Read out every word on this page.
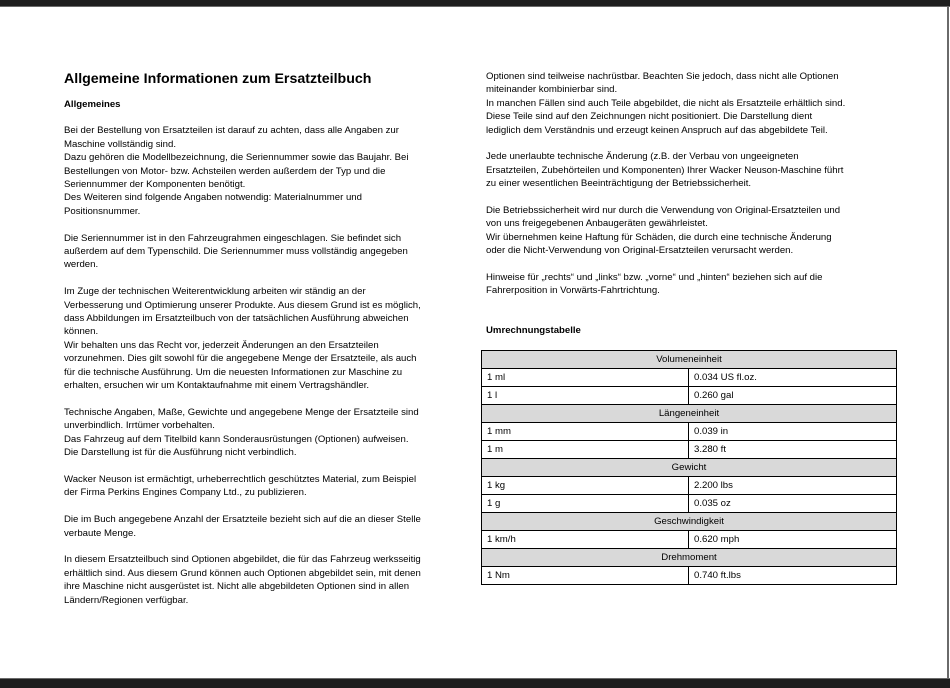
Allgemeine Informationen zum Ersatzteilbuch
Allgemeines

Bei der Bestellung von Ersatzteilen ist darauf zu achten, dass alle Angaben zur
Maschine vollständig sind.
Dazu gehören die Modellbezeichnung, die Seriennummer sowie das Baujahr. Bei
Bestellungen von Motor- bzw. Achsteilen werden außerdem der Typ und die
Seriennummer der Komponenten benötigt.
Des Weiteren sind folgende Angaben notwendig: Materialnummer und
Positionsnummer.

Die Seriennummer ist in den Fahrzeugrahmen eingeschlagen. Sie befindet sich
außerdem auf dem Typenschild. Die Seriennummer muss vollständig angegeben
werden.

Im Zuge der technischen Weiterentwicklung arbeiten wir ständig an der
Verbesserung und Optimierung unserer Produkte. Aus diesem Grund ist es möglich,
dass Abbildungen im Ersatzteilbuch von der tatsächlichen Ausführung abweichen
können.
Wir behalten uns das Recht vor, jederzeit Änderungen an den Ersatzteilen
vorzunehmen. Dies gilt sowohl für die angegebene Menge der Ersatzteile, als auch
für die technische Ausführung. Um die neuesten Informationen zur Maschine zu
erhalten, ersuchen wir um Kontaktaufnahme mit einem Vertragshändler.

Technische Angaben, Maße, Gewichte und angegebene Menge der Ersatzteile sind
unverbindlich. Irrtümer vorbehalten.
Das Fahrzeug auf dem Titelbild kann Sonderausrüstungen (Optionen) aufweisen.
Die Darstellung ist für die Ausführung nicht verbindlich.

Wacker Neuson ist ermächtigt, urheberrechtlich geschütztes Material, zum Beispiel
der Firma Perkins Engines Company Ltd., zu publizieren.

Die im Buch angegebene Anzahl der Ersatzteile bezieht sich auf die an dieser Stelle
verbaute Menge.

In diesem Ersatzteilbuch sind Optionen abgebildet, die für das Fahrzeug werksseitig
erhältlich sind. Aus diesem Grund können auch Optionen abgebildet sein, mit denen
ihre Maschine nicht ausgerüstet ist. Nicht alle abgebildeten Optionen sind in allen
Ländern/Regionen verfügbar.

Optionen sind teilweise nachrüstbar. Beachten Sie jedoch, dass nicht alle Optionen
miteinander kombinierbar sind.
In manchen Fällen sind auch Teile abgebildet, die nicht als Ersatzteile erhältlich sind.
Diese Teile sind auf den Zeichnungen nicht positioniert. Die Darstellung dient
lediglich dem Verständnis und erzeugt keinen Anspruch auf das abgebildete Teil.

Jede unerlaubte technische Änderung (z.B. der Verbau von ungeeigneten
Ersatzteilen, Zubehörteilen und Komponenten) Ihrer Wacker Neuson-Maschine führt
zu einer wesentlichen Beeinträchtigung der Betriebssicherheit.

Die Betriebssicherheit wird nur durch die Verwendung von Original-Ersatzteilen und
von uns freigegebenen Anbaugeräten gewährleistet.
Wir übernehmen keine Haftung für Schäden, die durch eine technische Änderung
oder die Nicht-Verwendung von Original-Ersatzteilen verursacht werden.

Hinweise für „rechts“ und „links“ bzw. „vorne“ und „hinten“ beziehen sich auf die
Fahrerposition in Vorwärts-Fahrtrichtung.

Umrechnungstabelle
Volumeneinheit	
1 ml	0.034 US fl.oz.
1 l	0.260 gal
Längeneinheit	
1 mm	0.039 in
1 m	3.280 ft
Gewicht	
1 kg	2.200 lbs
1 g	0.035 oz
Geschwindigkeit	
1 km/h	0.620 mph
Drehmoment	
1 Nm	0.740 ft.lbs
